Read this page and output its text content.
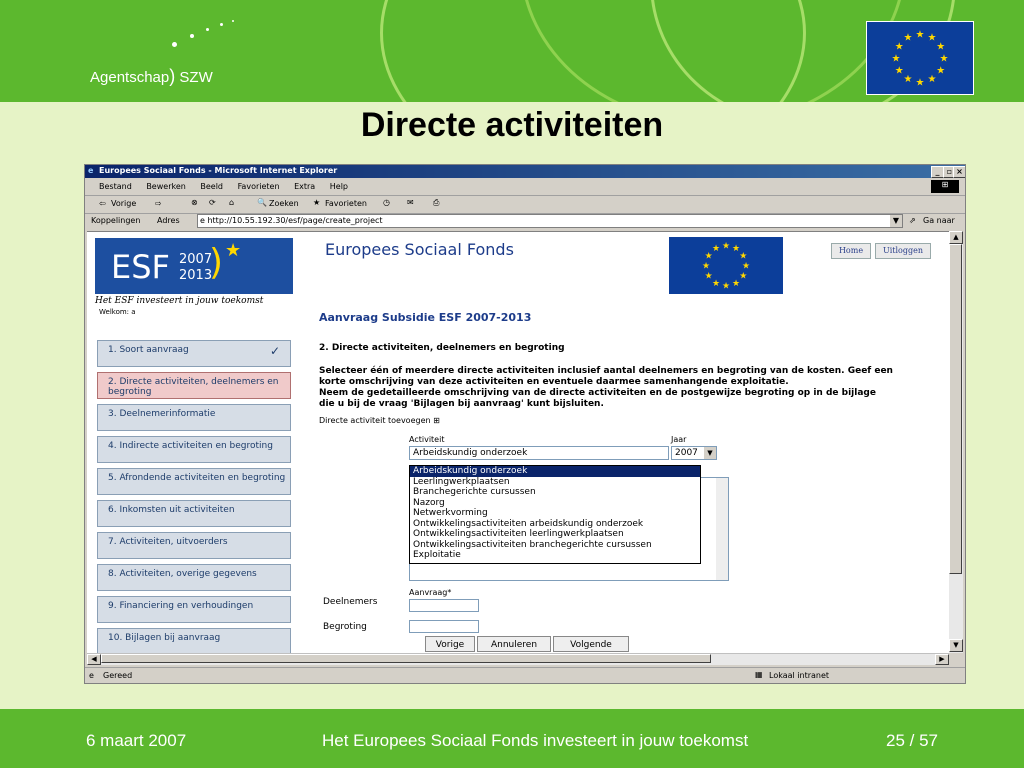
Agentschap) SZW
★ ★
★
★
★
★
★
★
★
★
★
★
Directe activiteiten
e Europees Sociaal Fonds - Microsoft Internet Explorer	_ ▫ ×
Bestand Bewerken Beeld Favorieten Extra Help	⊞
⇦ Vorige ⇨	⊗ ⟳ ⌂	🔍 Zoeken ★ Favorieten ◷ ✉ ⎙
Koppelingen Adres	e http://10.55.192.30/esf/page/create_project	▼	⇗ Ga naar
ESF 2007
2013
★
)
Het ESF investeert in jouw toekomst
Welkom: a
Europees Sociaal Fonds	★ ★
★
★
★
★
★
★
★
★
★
★	Home	Uitloggen
1. Soort aanvraag	✓
2. Directe activiteiten, deelnemers en begroting
3. Deelnemerinformatie
4. Indirecte activiteiten en begroting
5. Afrondende activiteiten en begroting
6. Inkomsten uit activiteiten
7. Activiteiten, uitvoerders
8. Activiteiten, overige gegevens
9. Financiering en verhoudingen
10. Bijlagen bij aanvraag
Aanvraag Subsidie ESF 2007-2013
2. Directe activiteiten, deelnemers en begroting
Selecteer één of meerdere directe activiteiten inclusief aantal deelnemers en begroting van de kosten. Geef een
korte omschrijving van deze activiteiten en eventuele daarmee samenhangende exploitatie.
Neem de gedetailleerde omschrijving van de directe activiteiten en de postgewijze begroting op in de bijlage
die u bij de vraag 'Bijlagen bij aanvraag' kunt bijsluiten.
Directe activiteit toevoegen ⊞
Activiteit	Jaar
Arbeidskundig onderzoek	2007	▼
Arbeidskundig onderzoek
Leerlingwerkplaatsen
Branchegerichte cursussen
Nazorg
Netwerkvorming
Ontwikkelingsactiviteiten arbeidskundig onderzoek
Ontwikkelingsactiviteiten leerlingwerkplaatsen
Ontwikkelingsactiviteiten branchegerichte cursussen
Exploitatie
Aanvraag*
Deelnemers
Begroting
Vorige	Annuleren	Volgende
▲
▼
◀	▶
e Gereed	▦ Lokaal intranet
6 maart 2007	Het Europees Sociaal Fonds investeert in jouw toekomst	25 / 57
